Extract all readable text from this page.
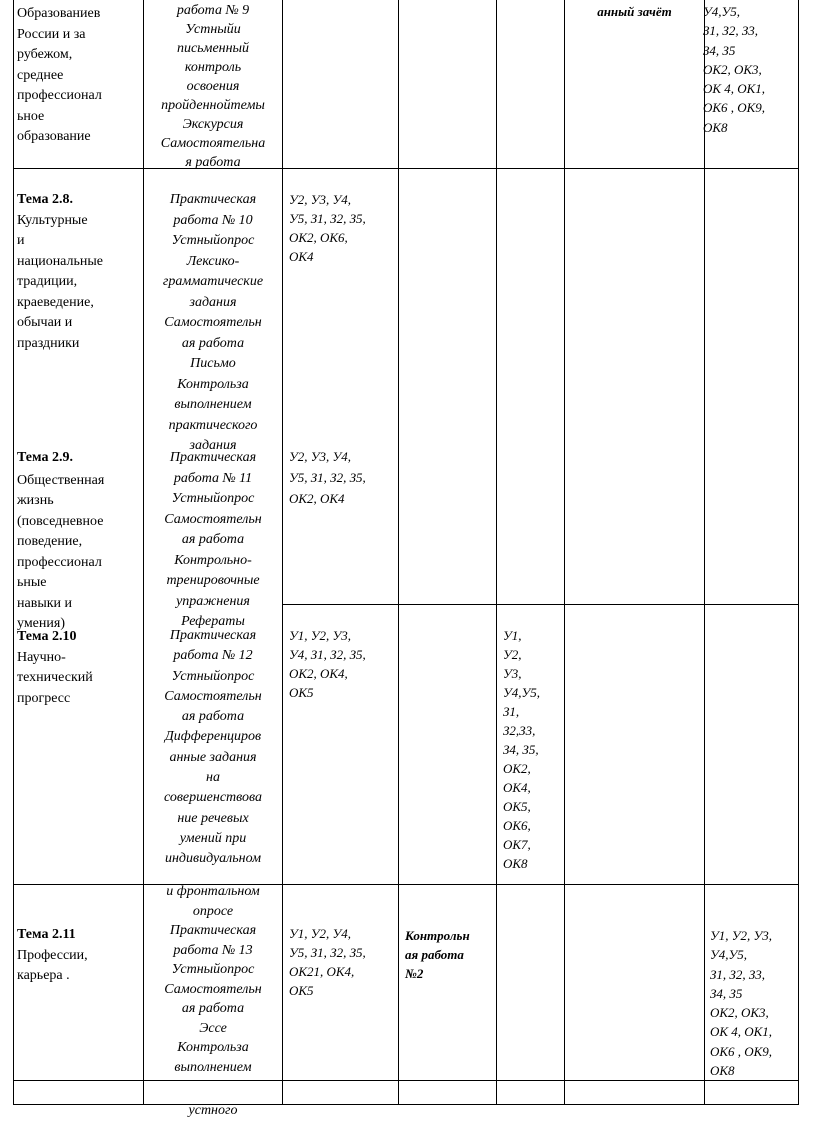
Образованиев
России и за
рубежом,
среднее
профессионал
ьное
образование
работа № 9
Устныйи
письменный
контроль
освоения
пройденнойтемы
Экскурсия
Самостоятельна
я работа
анный зачёт	У4,У5,
З1, З2, З3,
З4, З5
ОК2, ОК3,
ОК 4, ОК1,
ОК6 , ОК9,
ОК8
Тема 2.8.
Культурные
и
национальные
традиции,
краеведение,
обычаи и
праздники
Практическая
работа № 10
Устныйопрос
Лексико-
грамматические
задания
Самостоятельн
ая работа
Письмо
Контрольза
выполнением
практического
задания
У2, У3, У4,
У5, З1, З2, З5,
ОК2, ОК6,
ОК4
Тема 2.9.
Общественная
жизнь
(повседневное
поведение,
профессионал
ьные
навыки и
умения)
Практическая
работа № 11
Устныйопрос
Самостоятельн
ая работа
Контрольно-
тренировочные
упражнения
Рефераты
У2, У3, У4,
У5, З1, З2, З5,
ОК2, ОК4
Тема 2.10
Научно-
технический
прогресс
Практическая
работа № 12
Устныйопрос
Самостоятельн
ая работа
Дифференциров
анные задания
на
совершенствова
ние речевых
умений при
индивидуальном
У1, У2, У3,
У4, З1, З2, З5,
ОК2, ОК4,
ОК5
У1,
У2,
У3,
У4,У5,
З1,
З2,З3,
З4, З5,
ОК2,
ОК4,
ОК5,
ОК6,
ОК7,
ОК8
и фронтальном
опросе
Практическая
работа № 13
Устныйопрос
Самостоятельн
ая работа
Эссе
Контрольза
выполнением
Тема 2.11
Профессии,
карьера .
У1, У2, У4,
У5, З1, З2, З5,
ОК21, ОК4,
ОК5
Контрольн
ая работа
№2
У1, У2, У3,
У4,У5,
З1, З2, З3,
З4, З5
ОК2, ОК3,
ОК 4, ОК1,
ОК6 , ОК9,
ОК8
устного
